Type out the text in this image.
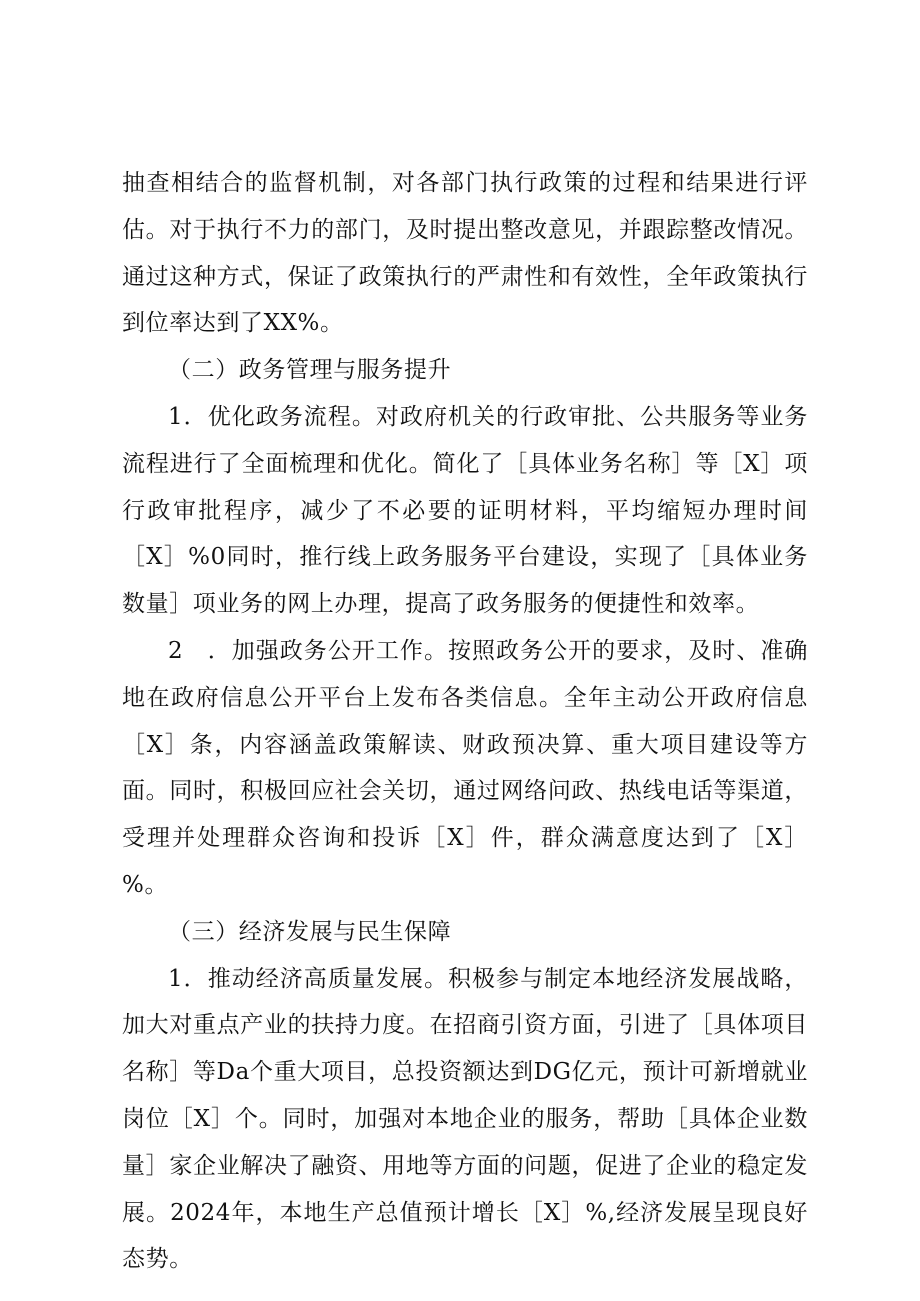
抽查相结合的监督机制，对各部门执行政策的过程和结果进行评估。对于执行不力的部门，及时提出整改意见，并跟踪整改情况。通过这种方式，保证了政策执行的严肃性和有效性，全年政策执行到位率达到了XX%。

（二）政务管理与服务提升

1．优化政务流程。对政府机关的行政审批、公共服务等业务流程进行了全面梳理和优化。简化了［具体业务名称］等［X］项行政审批程序，减少了不必要的证明材料，平均缩短办理时间［X］%0同时，推行线上政务服务平台建设，实现了［具体业务数量］项业务的网上办理，提高了政务服务的便捷性和效率。

2　．加强政务公开工作。按照政务公开的要求，及时、准确地在政府信息公开平台上发布各类信息。全年主动公开政府信息［X］条，内容涵盖政策解读、财政预决算、重大项目建设等方面。同时，积极回应社会关切，通过网络问政、热线电话等渠道，受理并处理群众咨询和投诉［X］件，群众满意度达到了［X］%。

（三）经济发展与民生保障

1．推动经济高质量发展。积极参与制定本地经济发展战略，加大对重点产业的扶持力度。在招商引资方面，引进了［具体项目名称］等Da个重大项目，总投资额达到DG亿元，预计可新增就业岗位［X］个。同时，加强对本地企业的服务，帮助［具体企业数量］家企业解决了融资、用地等方面的问题，促进了企业的稳定发展。2024年，本地生产总值预计增长［X］%,经济发展呈现良好态势。
